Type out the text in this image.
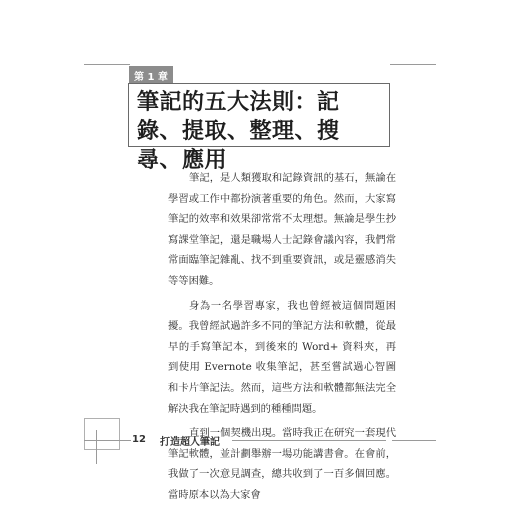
第 1 章
筆記的五大法則：記錄、提取、整理、搜尋、應用

筆記，是人類獲取和記錄資訊的基石，無論在學習或工作中都扮演著重要的角色。然而，大家寫筆記的效率和效果卻常常不太理想。無論是學生抄寫課堂筆記，還是職場人士記錄會議內容，我們常常面臨筆記雜亂、找不到重要資訊，或是靈感消失等等困難。

身為一名學習專家，我也曾經被這個問題困擾。我曾經試過許多不同的筆記方法和軟體，從最早的手寫筆記本，到後來的 Word+ 資料夾，再到使用 Evernote 收集筆記，甚至嘗試過心智圖和卡片筆記法。然而，這些方法和軟體都無法完全解決我在筆記時遇到的種種問題。

直到一個契機出現。當時我正在研究一套現代筆記軟體，並計劃舉辦一場功能講書會。在會前，我做了一次意見調查，總共收到了一百多個回應。當時原本以為大家會

12 打造超人筆記
